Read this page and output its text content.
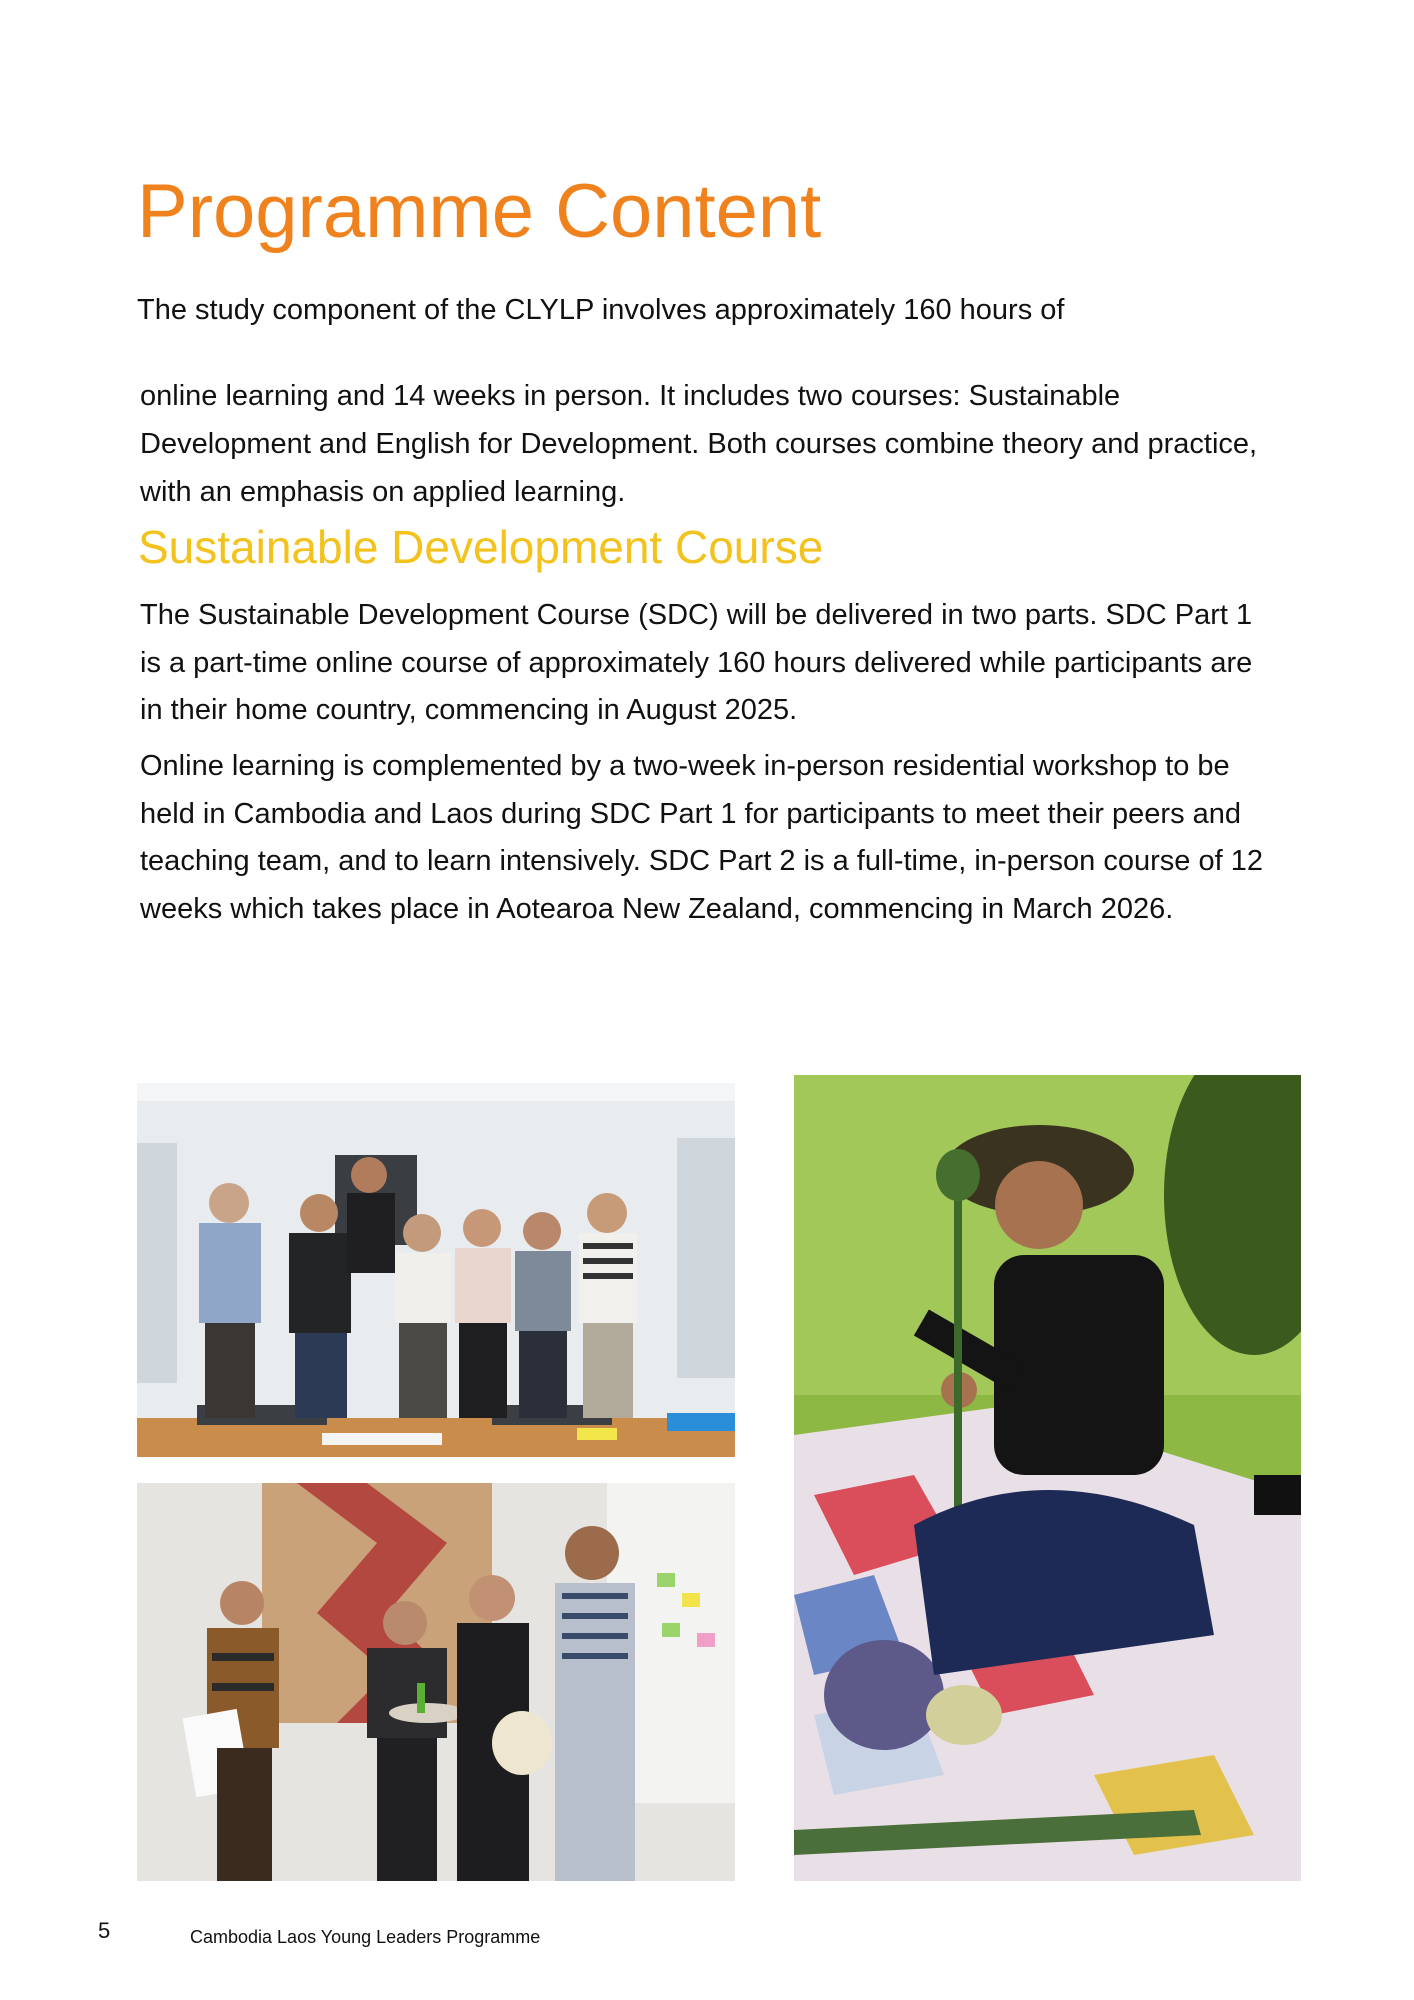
Programme Content
The study component of the CLYLP involves approximately 160 hours of
online learning and 14 weeks in person. It includes two courses: Sustainable Development and English for Development. Both courses combine theory and practice, with an emphasis on applied learning.
Sustainable Development Course
The Sustainable Development Course (SDC) will be delivered in two parts. SDC Part 1 is a part-time online course of approximately 160 hours delivered while participants are in their home country, commencing in August 2025.
Online learning is complemented by a two-week in-person residential workshop to be held in Cambodia and Laos during SDC Part 1 for participants to meet their peers and teaching team, and to learn intensively. SDC Part 2 is a full-time, in-person course of 12 weeks which takes place in Aotearoa New Zealand, commencing in March 2026.
5	Cambodia Laos Young Leaders Programme
